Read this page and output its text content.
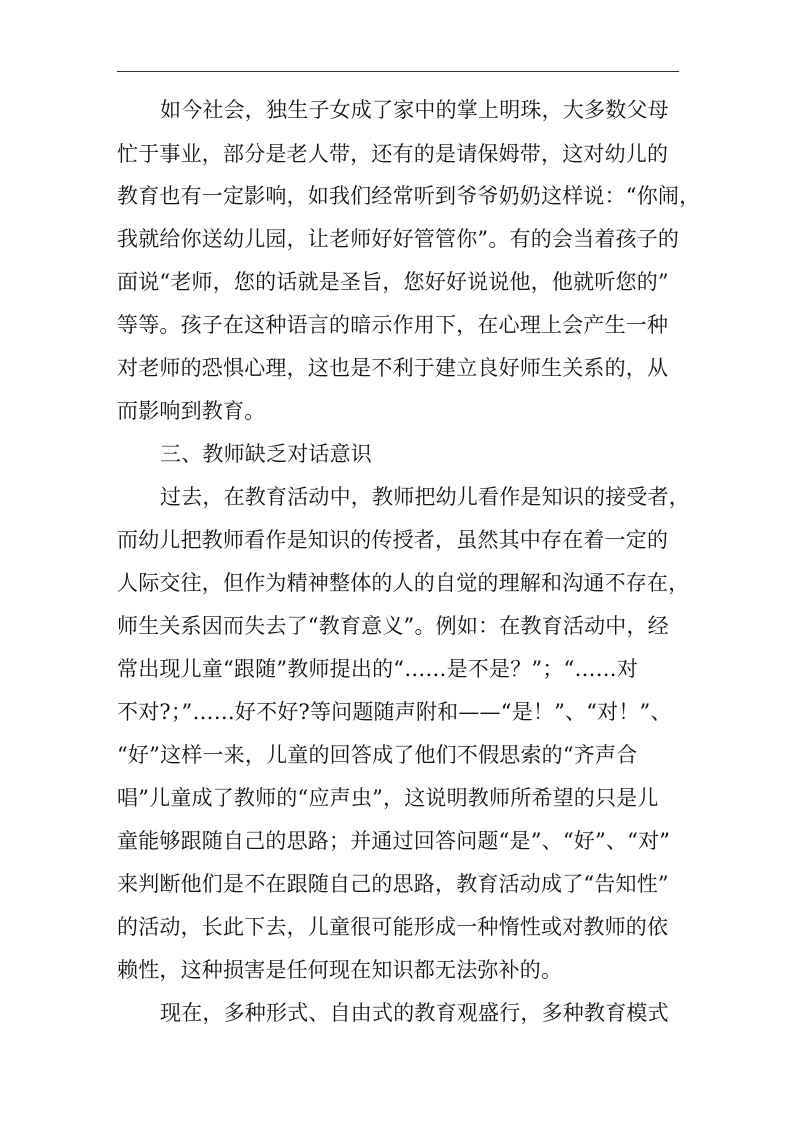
如今社会，独生子女成了家中的掌上明珠，大多数父母
忙于事业，部分是老人带，还有的是请保姆带，这对幼儿的
教育也有一定影响，如我们经常听到爷爷奶奶这样说：“你闹，
我就给你送幼儿园，让老师好好管管你”。有的会当着孩子的
面说“老师，您的话就是圣旨，您好好说说他，他就听您的”
等等。孩子在这种语言的暗示作用下，在心理上会产生一种
对老师的恐惧心理，这也是不利于建立良好师生关系的，从
而影响到教育。
三、教师缺乏对话意识
过去，在教育活动中，教师把幼儿看作是知识的接受者，
而幼儿把教师看作是知识的传授者，虽然其中存在着一定的
人际交往，但作为精神整体的人的自觉的理解和沟通不存在，
师生关系因而失去了“教育意义”。例如：在教育活动中，经
常出现儿童“跟随”教师提出的“……是不是？”；“……对
不对?；”……好不好?等问题随声附和——“是！”、“对！”、
“好”这样一来，儿童的回答成了他们不假思索的“齐声合
唱”儿童成了教师的“应声虫”，这说明教师所希望的只是儿
童能够跟随自己的思路；并通过回答问题“是”、“好”、“对”
来判断他们是不在跟随自己的思路，教育活动成了“告知性”
的活动，长此下去，儿童很可能形成一种惰性或对教师的依
赖性，这种损害是任何现在知识都无法弥补的。
现在，多种形式、自由式的教育观盛行，多种教育模式
